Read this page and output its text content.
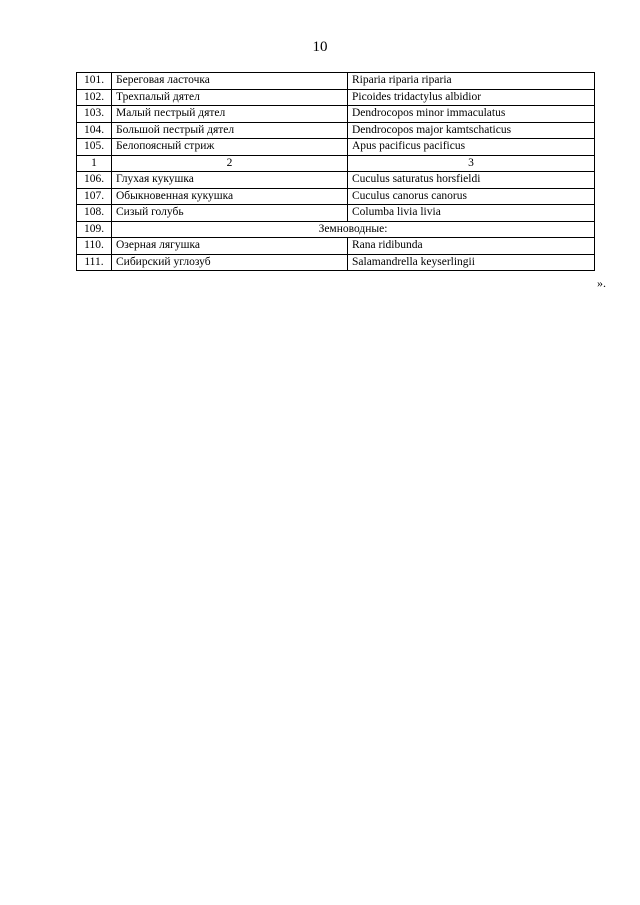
10
101.	Береговая ласточка	Riparia riparia riparia
102.	Трехпалый дятел	Picoides tridactylus albidior
103.	Малый пестрый дятел	Dendrocopos minor immaculatus
104.	Большой пестрый дятел	Dendrocopos major kamtschaticus
105.	Белопоясный стриж	Apus pacificus pacificus
1	2	3
106.	Глухая кукушка	Cuculus saturatus horsfieldi
107.	Обыкновенная кукушка	Cuculus canorus canorus
108.	Сизый голубь	Columba livia livia
109.	Земноводные:	
110.	Озерная лягушка	Rana ridibunda
111.	Сибирский углозуб	Salamandrella keyserlingii
».
